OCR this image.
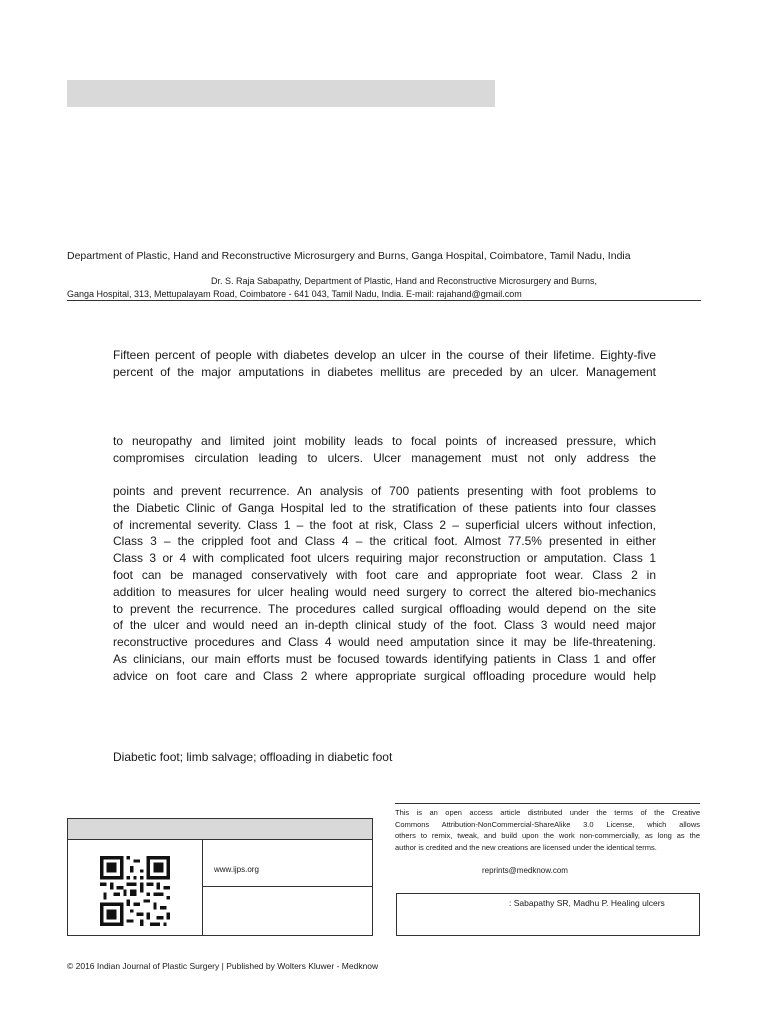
Department of Plastic, Hand and Reconstructive Microsurgery and Burns, Ganga Hospital, Coimbatore, Tamil Nadu, India
Dr. S. Raja Sabapathy, Department of Plastic, Hand and Reconstructive Microsurgery and Burns,
Ganga Hospital, 313, Mettupalayam Road, Coimbatore - 641 043, Tamil Nadu, India. E-mail: rajahand@gmail.com
Fifteen percent of people with diabetes develop an ulcer in the course of their lifetime. Eighty-five
percent of the major amputations in diabetes mellitus are preceded by an ulcer. Management
to neuropathy and limited joint mobility leads to focal points of increased pressure, which
compromises circulation leading to ulcers. Ulcer management must not only address the
points and prevent recurrence. An analysis of 700 patients presenting with foot problems to
the Diabetic Clinic of Ganga Hospital led to the stratification of these patients into four classes
of incremental severity. Class 1 – the foot at risk, Class 2 – superficial ulcers without infection,
Class 3 – the crippled foot and Class 4 – the critical foot. Almost 77.5% presented in either
Class 3 or 4 with complicated foot ulcers requiring major reconstruction or amputation. Class 1
foot can be managed conservatively with foot care and appropriate foot wear. Class 2 in
addition to measures for ulcer healing would need surgery to correct the altered bio-mechanics
to prevent the recurrence. The procedures called surgical offloading would depend on the site
of the ulcer and would need an in-depth clinical study of the foot. Class 3 would need major
reconstructive procedures and Class 4 would need amputation since it may be life-threatening.
As clinicians, our main efforts must be focused towards identifying patients in Class 1 and offer
advice on foot care and Class 2 where appropriate surgical offloading procedure would help
Diabetic foot; limb salvage; offloading in diabetic foot
www.ijps.org
This is an open access article distributed under the terms of the Creative
Commons Attribution-NonCommercial-ShareAlike 3.0 License, which allows
others to remix, tweak, and build upon the work non-commercially, as long as the
author is credited and the new creations are licensed under the identical terms.
reprints@medknow.com
: Sabapathy SR, Madhu P. Healing ulcers
© 2016 Indian Journal of Plastic Surgery | Published by Wolters Kluwer - Medknow
